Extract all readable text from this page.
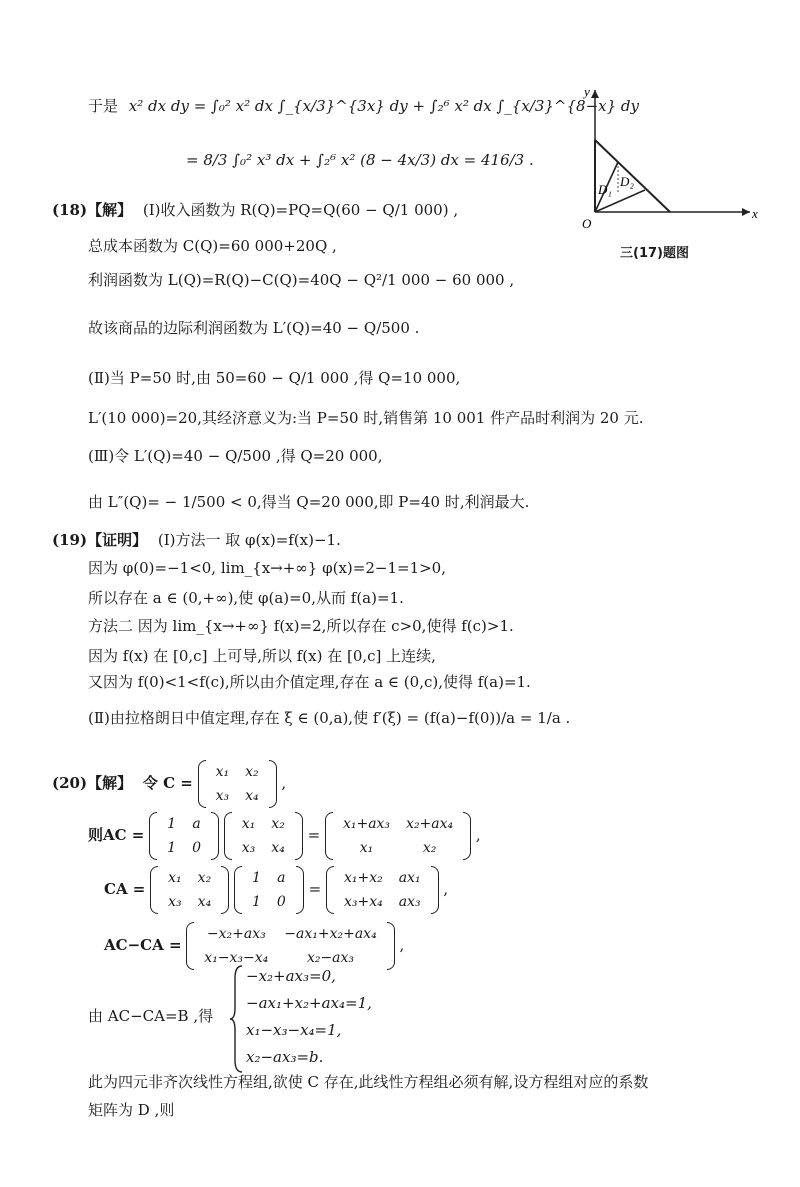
y
x
O
D₁
D₂
三(17)题图
于是 x² dx dy = ∫₀² x² dx ∫_{x/3}^{3x} dy + ∫₂⁶ x² dx ∫_{x/3}^{8−x} dy
= 8/3 ∫₀² x³ dx + ∫₂⁶ x² (8 − 4x/3) dx = 416/3 .
(18)【解】 (Ⅰ)收入函数为 R(Q)=PQ=Q(60 − Q/1 000) ,
总成本函数为 C(Q)=60 000+20Q ,
利润函数为 L(Q)=R(Q)−C(Q)=40Q − Q²/1 000 − 60 000 ,
故该商品的边际利润函数为 L′(Q)=40 − Q/500 .
(Ⅱ)当 P=50 时,由 50=60 − Q/1 000 ,得 Q=10 000,
L′(10 000)=20,其经济意义为:当 P=50 时,销售第 10 001 件产品时利润为 20 元.
(Ⅲ)令 L′(Q)=40 − Q/500 ,得 Q=20 000,
由 L″(Q)= − 1/500 < 0,得当 Q=20 000,即 P=40 时,利润最大.
(19)【证明】 (Ⅰ)方法一 取 φ(x)=f(x)−1.
因为 φ(0)=−1<0, lim_{x→+∞} φ(x)=2−1=1>0,
所以存在 a ∈ (0,+∞),使 φ(a)=0,从而 f(a)=1.
方法二 因为 lim_{x→+∞} f(x)=2,所以存在 c>0,使得 f(c)>1.
因为 f(x) 在 [0,c] 上可导,所以 f(x) 在 [0,c] 上连续,
又因为 f(0)<1<f(c),所以由介值定理,存在 a ∈ (0,c),使得 f(a)=1.
(Ⅱ)由拉格朗日中值定理,存在 ξ ∈ (0,a),使 f′(ξ) = (f(a)−f(0))/a = 1/a .
(20)【解】 令 C =
x₁	x₂
x₃	x₄
,
则AC =
1	a
1	0

x₁	x₂
x₃	x₄
=
x₁+ax₃	x₂+ax₄
x₁	x₂
,
CA =
x₁	x₂
x₃	x₄

1	a
1	0
=
x₁+x₂	ax₁
x₃+x₄	ax₃
,
AC−CA =
−x₂+ax₃	−ax₁+x₂+ax₄
x₁−x₃−x₄	x₂−ax₃
,
由 AC−CA=B ,得
−x₂+ax₃=0,
−ax₁+x₂+ax₄=1,
x₁−x₃−x₄=1,
x₂−ax₃=b.
此为四元非齐次线性方程组,欲使 C 存在,此线性方程组必须有解,设方程组对应的系数
矩阵为 D ,则
